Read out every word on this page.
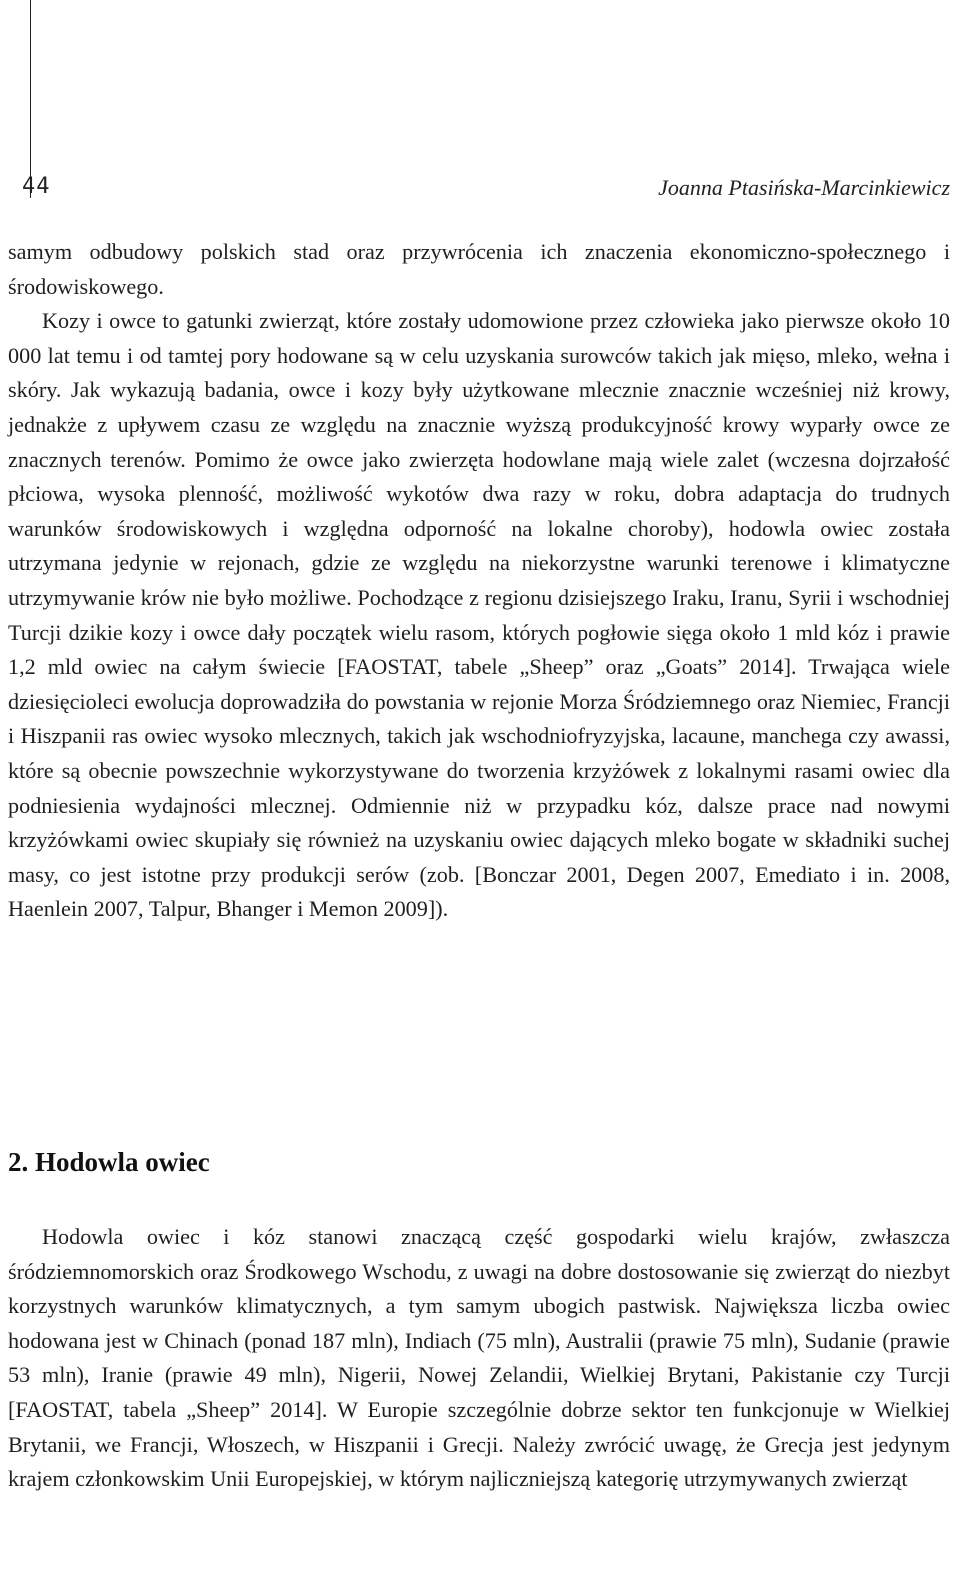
44	Joanna Ptasińska-Marcinkiewicz
samym odbudowy polskich stad oraz przywrócenia ich znaczenia ekonomiczno-społecznego i środowiskowego.
Kozy i owce to gatunki zwierząt, które zostały udomowione przez człowieka jako pierwsze około 10 000 lat temu i od tamtej pory hodowane są w celu uzyskania surowców takich jak mięso, mleko, wełna i skóry. Jak wykazują badania, owce i kozy były użytkowane mlecznie znacznie wcześniej niż krowy, jednakże z upływem czasu ze względu na znacznie wyższą produkcyjność krowy wyparły owce ze znacznych terenów. Pomimo że owce jako zwierzęta hodowlane mają wiele zalet (wczesna dojrzałość płciowa, wysoka plenność, możliwość wykotów dwa razy w roku, dobra adaptacja do trudnych warunków środowiskowych i względna odporność na lokalne choroby), hodowla owiec została utrzymana jedynie w rejonach, gdzie ze względu na niekorzystne warunki terenowe i klimatyczne utrzymywanie krów nie było możliwe. Pochodzące z regionu dzisiejszego Iraku, Iranu, Syrii i wschodniej Turcji dzikie kozy i owce dały początek wielu rasom, których pogłowie sięga około 1 mld kóz i prawie 1,2 mld owiec na całym świecie [FAOSTAT, tabele „Sheep” oraz „Goats” 2014]. Trwająca wiele dziesięcioleci ewolucja doprowadziła do powstania w rejonie Morza Śródziemnego oraz Niemiec, Francji i Hiszpanii ras owiec wysoko mlecznych, takich jak wschodniofryzyjska, lacaune, manchega czy awassi, które są obecnie powszechnie wykorzystywane do tworzenia krzyżówek z lokalnymi rasami owiec dla podniesienia wydajności mlecznej. Odmiennie niż w przypadku kóz, dalsze prace nad nowymi krzyżówkami owiec skupiały się również na uzyskaniu owiec dających mleko bogate w składniki suchej masy, co jest istotne przy produkcji serów (zob. [Bonczar 2001, Degen 2007, Emediato i in. 2008, Haenlein 2007, Talpur, Bhanger i Memon 2009]).
2. Hodowla owiec
Hodowla owiec i kóz stanowi znaczącą część gospodarki wielu krajów, zwłaszcza śródziemnomorskich oraz Środkowego Wschodu, z uwagi na dobre dostosowanie się zwierząt do niezbyt korzystnych warunków klimatycznych, a tym samym ubogich pastwisk. Największa liczba owiec hodowana jest w Chinach (ponad 187 mln), Indiach (75 mln), Australii (prawie 75 mln), Sudanie (prawie 53 mln), Iranie (prawie 49 mln), Nigerii, Nowej Zelandii, Wielkiej Brytani, Pakistanie czy Turcji [FAOSTAT, tabela „Sheep” 2014]. W Europie szczególnie dobrze sektor ten funkcjonuje w Wielkiej Brytanii, we Francji, Włoszech, w Hiszpanii i Grecji. Należy zwrócić uwagę, że Grecja jest jedynym krajem członkowskim Unii Europejskiej, w którym najliczniejszą kategorię utrzymywanych zwierząt
